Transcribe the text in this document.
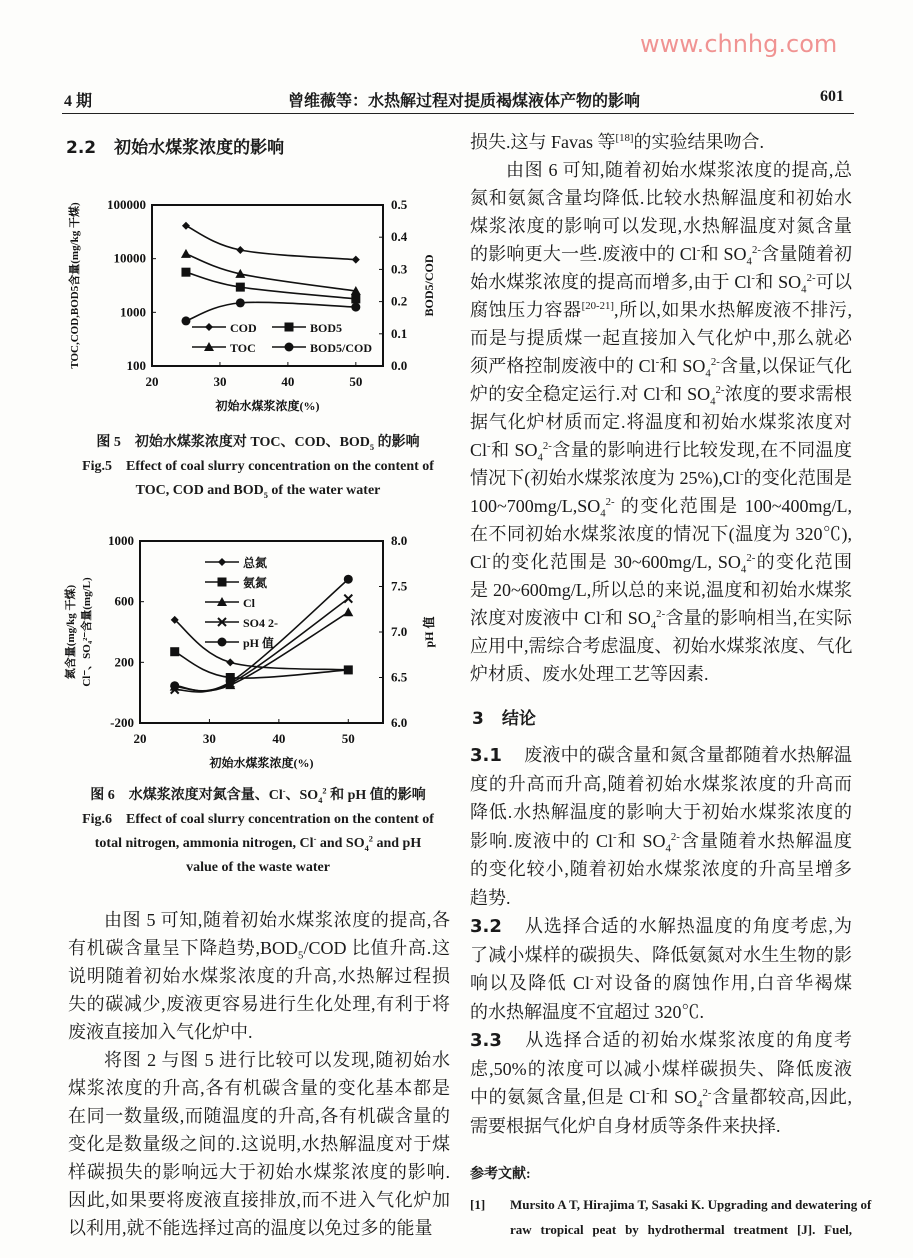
4 期	曾维薇等：水热解过程对提质褐煤液体产物的影响	601
2.2 初始水煤浆浓度的影响
20	30	40	50
100
1000
10000
100000
0.0
0.1
0.2
0.3
0.4
0.5
初始水煤浆浓度(%)
TOC,COD,BOD5含量(mg/kg 干煤)	BOD5/COD
COD	BOD5
TOC	BOD5/COD
20	30	40	50
-200
200
600
1000
6.0
6.5
7.0
7.5
8.0
初始水煤浆浓度(%)
氮含量(mg/kg 干煤) Cl⁻、SO₄²⁻含量(mg/L)	pH 值
总氮
氨氮
Cl
SO4 2-
pH 值
图 5　初始水煤浆浓度对 TOC、COD、$BOD_5$ 的影响
Fig.5　Effect of coal slurry concentration on the content of
TOC, COD and $BOD_5$ of the water water
图 6　水煤浆浓度对氮含量、Cl-、$SO_4^2$ 和 pH 值的影响
Fig.6　Effect of coal slurry concentration on the content of
total nitrogen, ammonia nitrogen, Cl- and $SO_4^2$ and pH
value of the waste water
由图 5 可知,随着初始水煤浆浓度的提高,各
有机碳含量呈下降趋势$,BOD_5$/COD 比值升高.这
说明随着初始水煤浆浓度的升高,水热解过程损
失的碳减少,废液更容易进行生化处理,有利于将
废液直接加入气化炉中.
将图 2 与图 5 进行比较可以发现,随初始水
煤浆浓度的升高,各有机碳含量的变化基本都是
在同一数量级,而随温度的升高,各有机碳含量的
变化是数量级之间的.这说明,水热解温度对于煤
样碳损失的影响远大于初始水煤浆浓度的影响.
因此,如果要将废液直接排放,而不进入气化炉加
以利用,就不能选择过高的温度以免过多的能量
损失.这与 Favas 等[18]的实验结果吻合.
由图 6 可知,随着初始水煤浆浓度的提高,总
氮和氨氮含量均降低.比较水热解温度和初始水
煤浆浓度的影响可以发现,水热解温度对氮含量
的影响更大一些.废液中的 Cl-和 $SO_4^{2-}$含量随着初
始水煤浆浓度的提高而增多,由于 Cl-和 $SO_4^{2-}$可以
腐蚀压力容器[20-21],所以,如果水热解废液不排污,
而是与提质煤一起直接加入气化炉中,那么就必
须严格控制废液中的 Cl-和 $SO_4^{2-}$含量,以保证气化
炉的安全稳定运行.对 Cl-和 $SO_4^{2-}$浓度的要求需根
据气化炉材质而定.将温度和初始水煤浆浓度对
Cl-和 $SO_4^{2-}$含量的影响进行比较发现,在不同温度
情况下(初始水煤浆浓度为 25%),Cl-的变化范围是
$100\sim 700mg/L,SO_4^{2-}$ 的变化范围是 100~400mg/L,
在不同初始水煤浆浓度的情况下(温度为 320℃),
Cl-的变化范围是 30~600mg/L, $SO_4^{2-}$的变化范围
是 20~600mg/L,所以总的来说,温度和初始水煤浆
浓度对废液中 Cl-和 $SO_4^{2-}$含量的影响相当,在实际
应用中,需综合考虑温度、初始水煤浆浓度、气化
炉材质、废水处理工艺等因素.
3 结论
3.1 废液中的碳含量和氮含量都随着水热解温
度的升高而升高,随着初始水煤浆浓度的升高而
降低.水热解温度的影响大于初始水煤浆浓度的
影响.废液中的 Cl-和 $SO_4^{2-}$含量随着水热解温度
的变化较小,随着初始水煤浆浓度的升高呈增多
趋势.
3.2 从选择合适的水解热温度的角度考虑,为
了减小煤样的碳损失、降低氨氮对水生生物的影
响以及降低 Cl-对设备的腐蚀作用,白音华褐煤
的水热解温度不宜超过 320℃.
3.3 从选择合适的初始水煤浆浓度的角度考
虑,50%的浓度可以减小煤样碳损失、降低废液
中的氨氮含量,但是 Cl-和 $SO_4^{2-}$含量都较高,因此,
需要根据气化炉自身材质等条件来抉择.
参考文献:
[1] Mursito A T, Hirajima T, Sasaki K. Upgrading and dewatering of
raw tropical peat by hydrothermal treatment [J]. Fuel,
www.chnhg.com
